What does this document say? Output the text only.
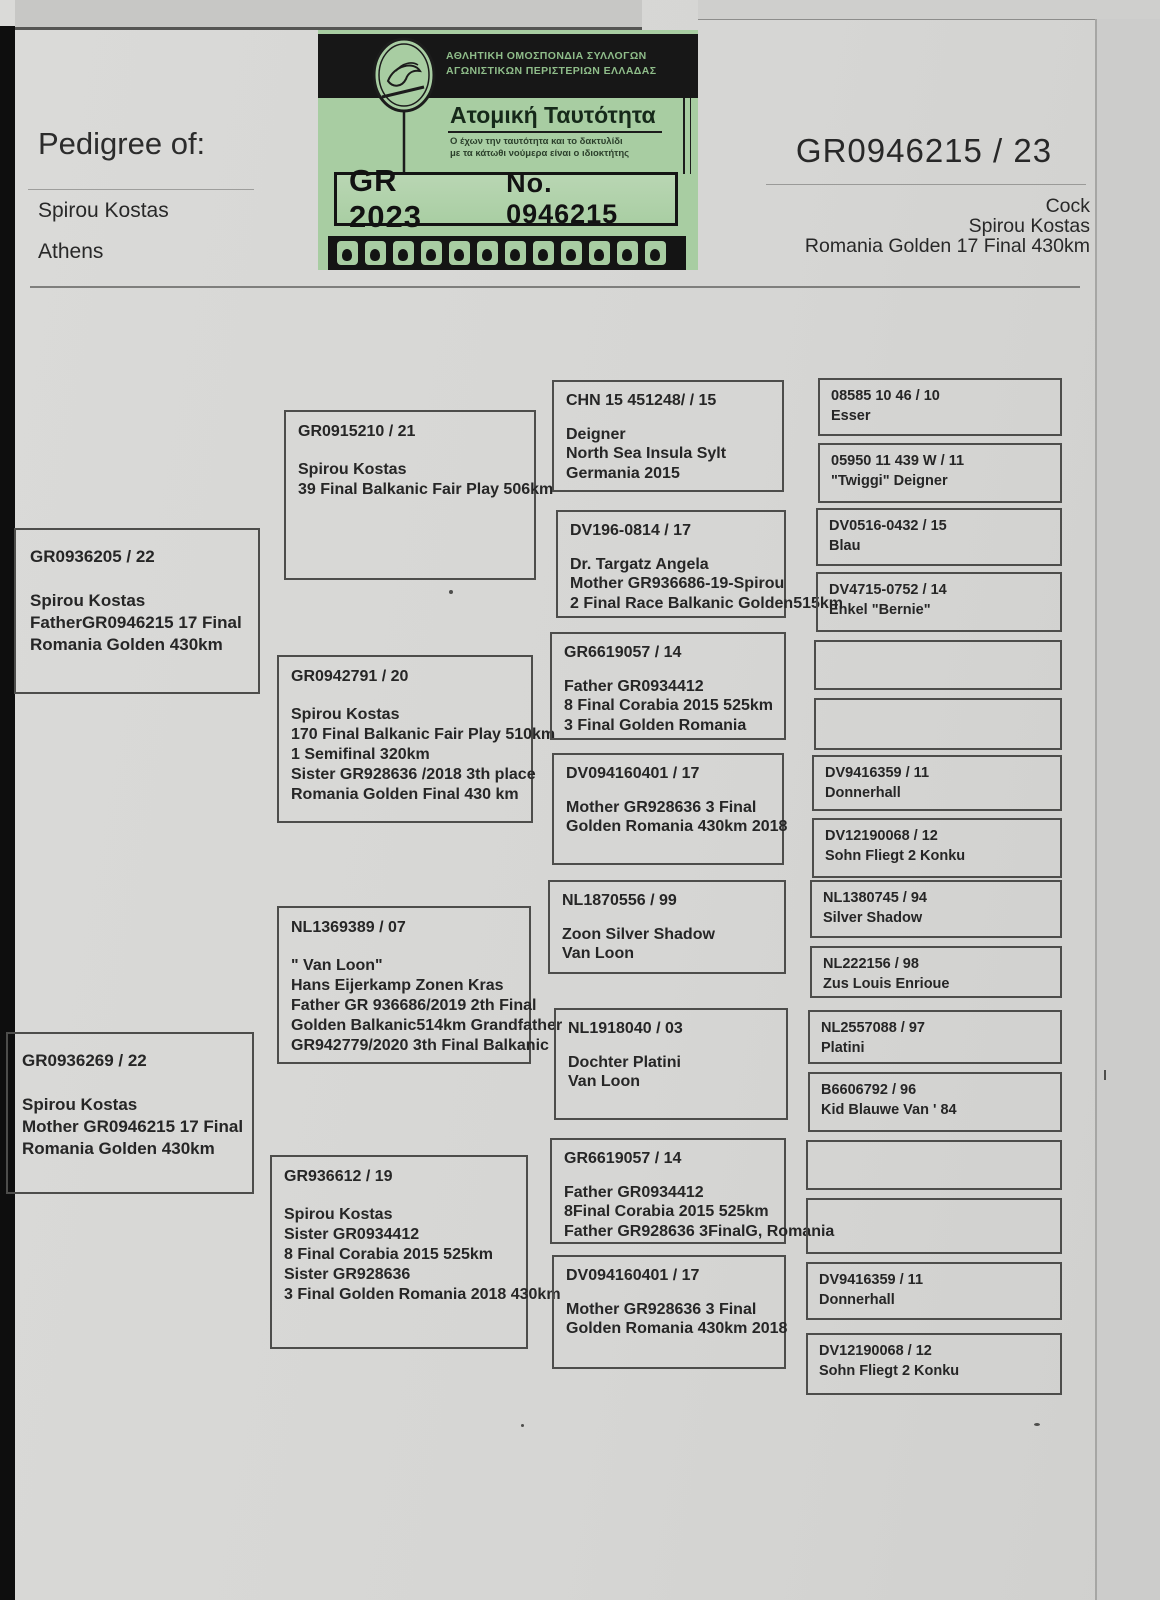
Pedigree of:
Spirou Kostas
Athens
GR0946215 / 23
Cock
Spirou Kostas
Romania Golden 17 Final 430km
ΑΘΛΗΤΙΚΗ ΟΜΟΣΠΟΝΔΙΑ ΣΥΛΛΟΓΩΝ
ΑΓΩΝΙΣΤΙΚΩΝ ΠΕΡΙΣΤΕΡΙΩΝ ΕΛΛΑΔΑΣ
Ατομική Ταυτότητα
Ο έχων την ταυτότητα και το δακτυλίδι
με τα κάτωθι νούμερα είναι ο ιδιοκτήτης
GR 2023
No. 0946215
GR0936205 / 22
Spirou Kostas
FatherGR0946215 17 Final
Romania Golden 430km
GR0936269 / 22
Spirou Kostas
Mother GR0946215 17 Final
Romania Golden 430km
GR0915210 / 21
Spirou Kostas
39 Final Balkanic Fair Play 506km
GR0942791 / 20
Spirou Kostas
170 Final Balkanic Fair Play 510km
1 Semifinal 320km
Sister GR928636 /2018 3th place
Romania Golden Final 430 km
NL1369389 / 07
" Van Loon"
Hans Eijerkamp Zonen Kras
Father GR 936686/2019 2th Final
Golden Balkanic514km Grandfather
GR942779/2020 3th Final Balkanic
GR936612 / 19
Spirou Kostas
Sister GR0934412
8 Final Corabia 2015 525km
Sister GR928636
3 Final Golden Romania 2018 430km
CHN 15 451248/ / 15
Deigner
North Sea Insula Sylt
Germania 2015
DV196-0814 / 17
Dr. Targatz Angela
Mother GR936686-19-Spirou
2 Final Race Balkanic Golden515km
GR6619057 / 14
Father GR0934412
8 Final Corabia 2015 525km
3 Final Golden Romania
DV094160401 / 17
Mother GR928636 3 Final
Golden Romania 430km 2018
NL1870556 / 99
Zoon Silver Shadow
Van Loon
NL1918040 / 03
Dochter Platini
Van Loon
GR6619057 / 14
Father GR0934412
8Final Corabia 2015 525km
Father GR928636 3FinalG, Romania
DV094160401 / 17
Mother GR928636 3 Final
Golden Romania 430km 2018
08585 10 46 / 10
Esser
05950 11 439 W / 11
"Twiggi" Deigner
DV0516-0432 / 15
Blau
DV4715-0752 / 14
Enkel "Bernie"
DV9416359 / 11
Donnerhall
DV12190068 / 12
Sohn Fliegt 2 Konku
NL1380745 / 94
Silver Shadow
NL222156 / 98
Zus Louis Enrioue
NL2557088 / 97
Platini
B6606792 / 96
Kid Blauwe Van ' 84
DV9416359 / 11
Donnerhall
DV12190068 / 12
Sohn Fliegt 2 Konku
